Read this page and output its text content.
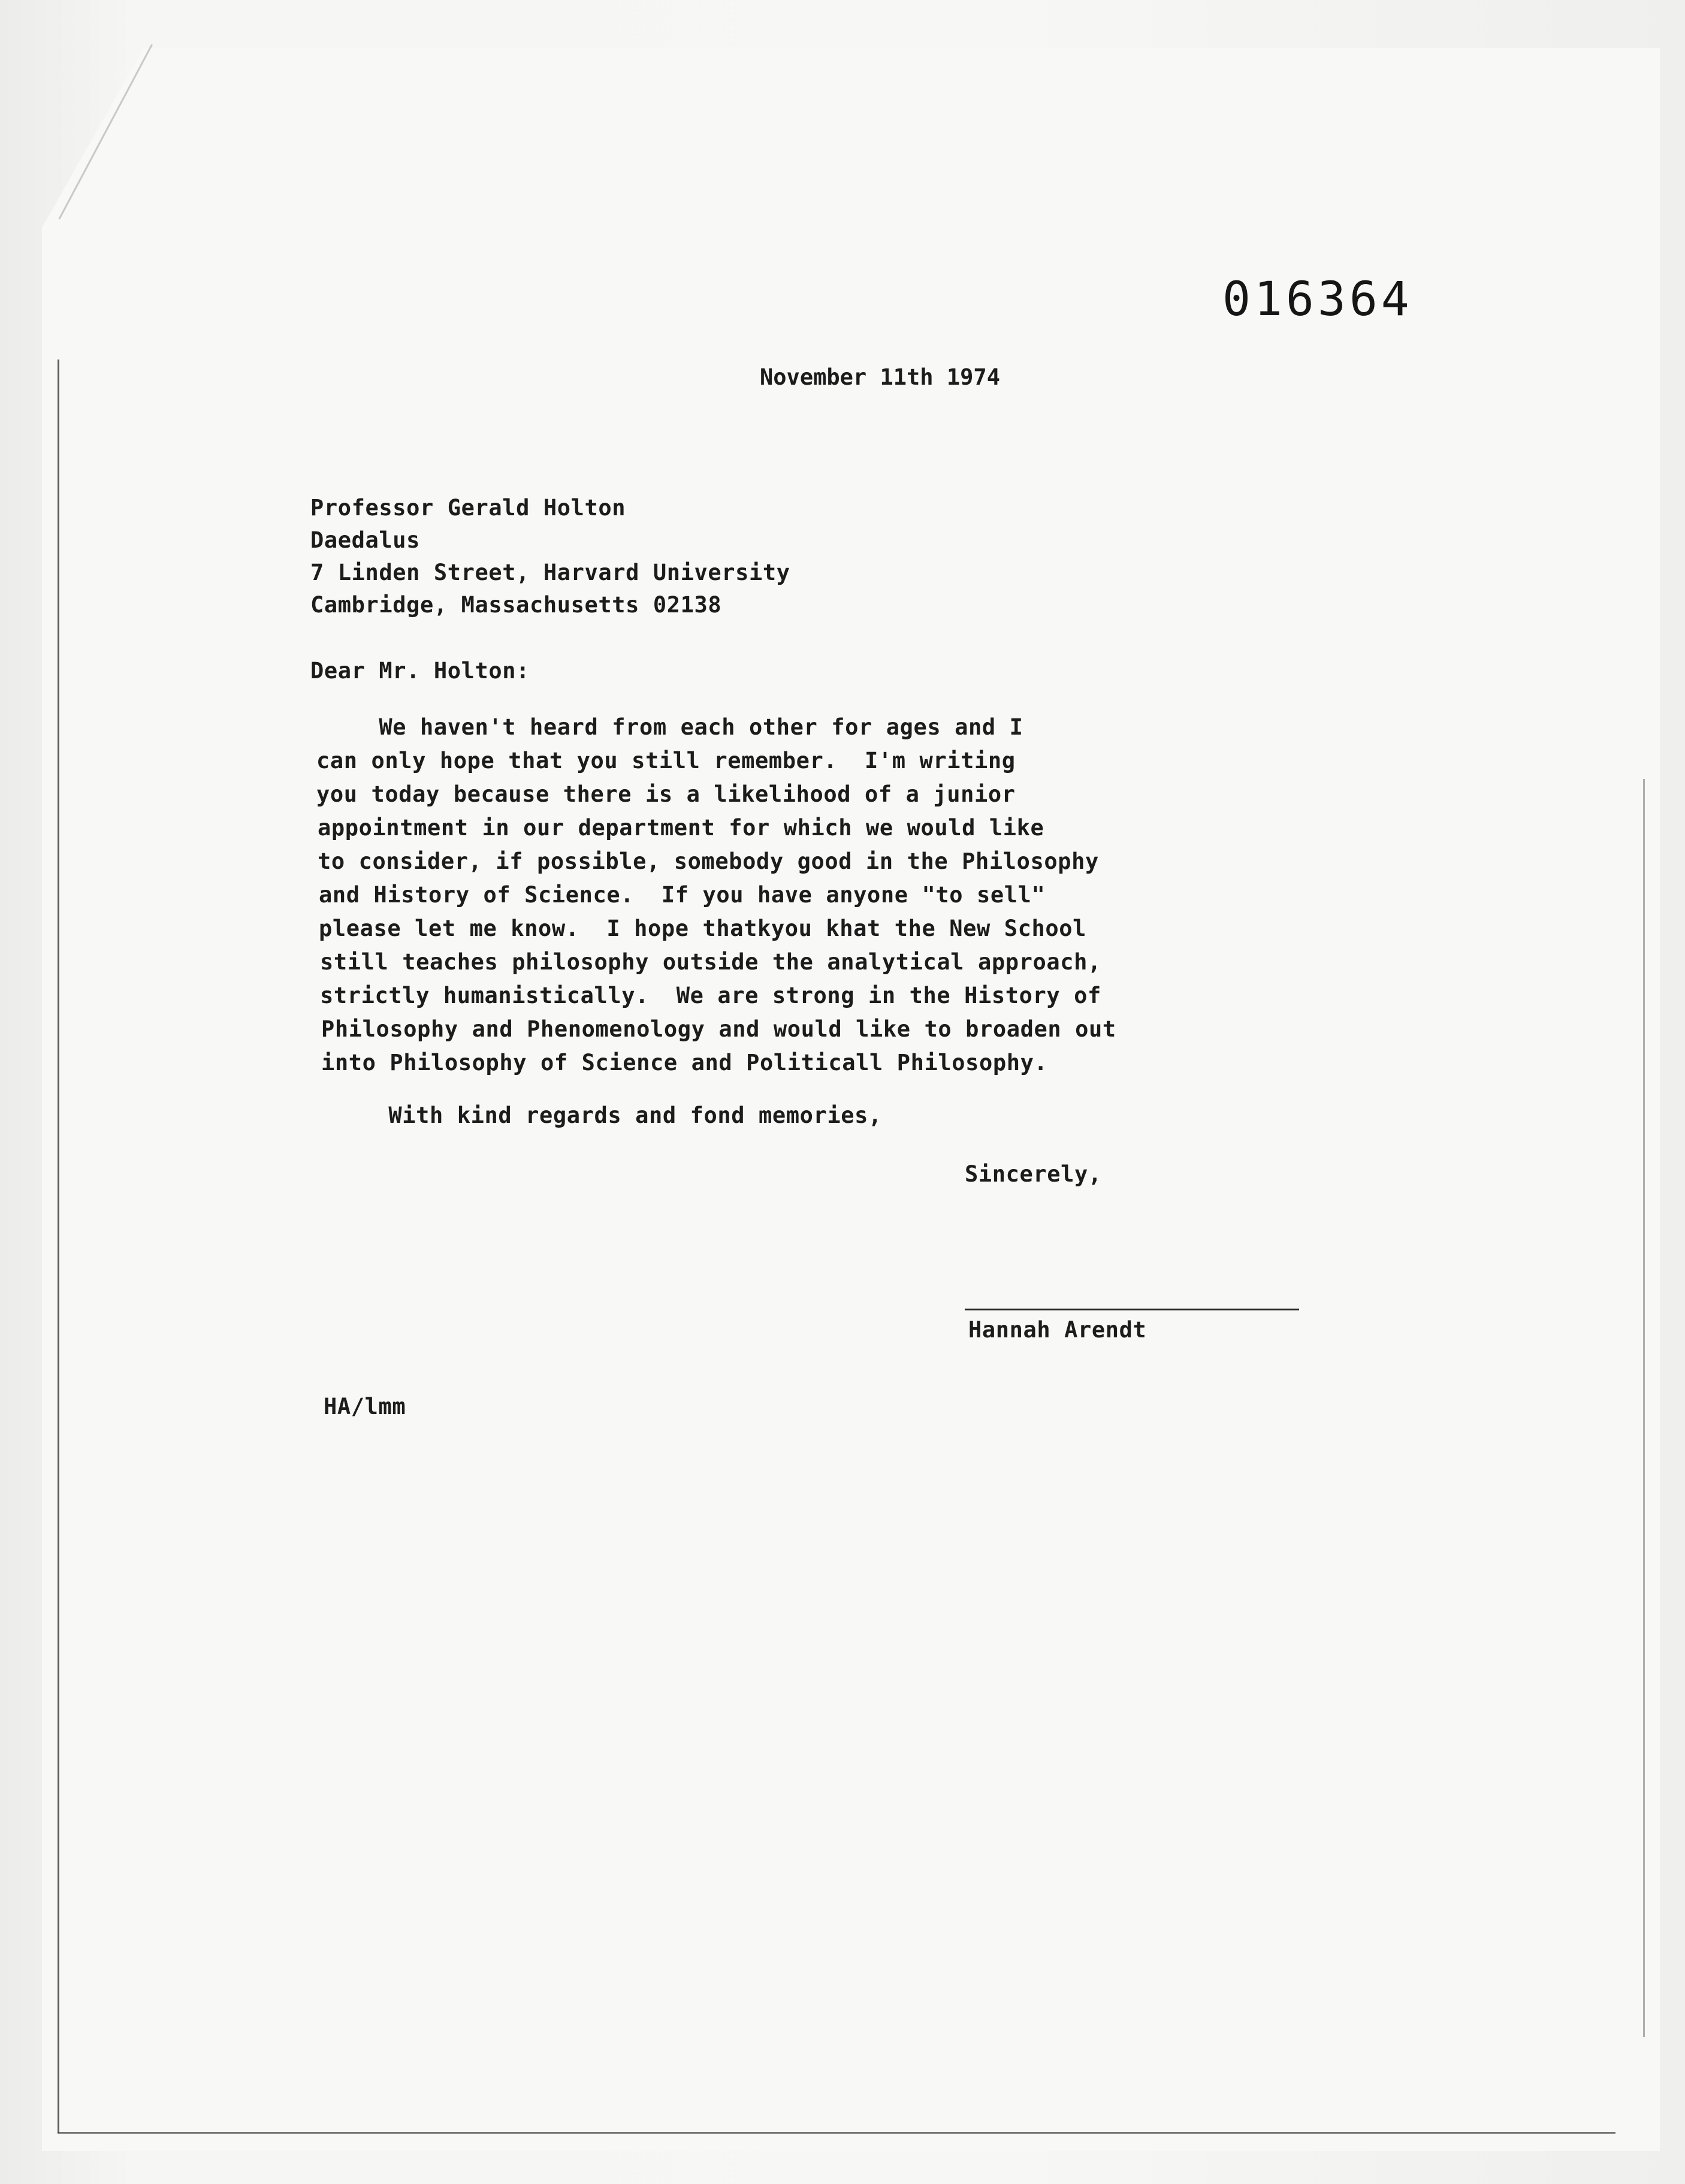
016364
November 11th 1974
Professor Gerald Holton
Daedalus
7 Linden Street, Harvard University
Cambridge, Massachusetts 02138
Dear Mr. Holton:
We haven't heard from each other for ages and I
can only hope that you still remember.  I'm writing
you today because there is a likelihood of a junior
appointment in our department for which we would like
to consider, if possible, somebody good in the Philosophy
and History of Science.  If you have anyone "to sell"
please let me know.  I hope thatkyou khat the New School
still teaches philosophy outside the analytical approach,
strictly humanistically.  We are strong in the History of
Philosophy and Phenomenology and would like to broaden out
into Philosophy of Science and Politicall Philosophy.
With kind regards and fond memories,
Sincerely,
Hannah Arendt
HA/lmm
